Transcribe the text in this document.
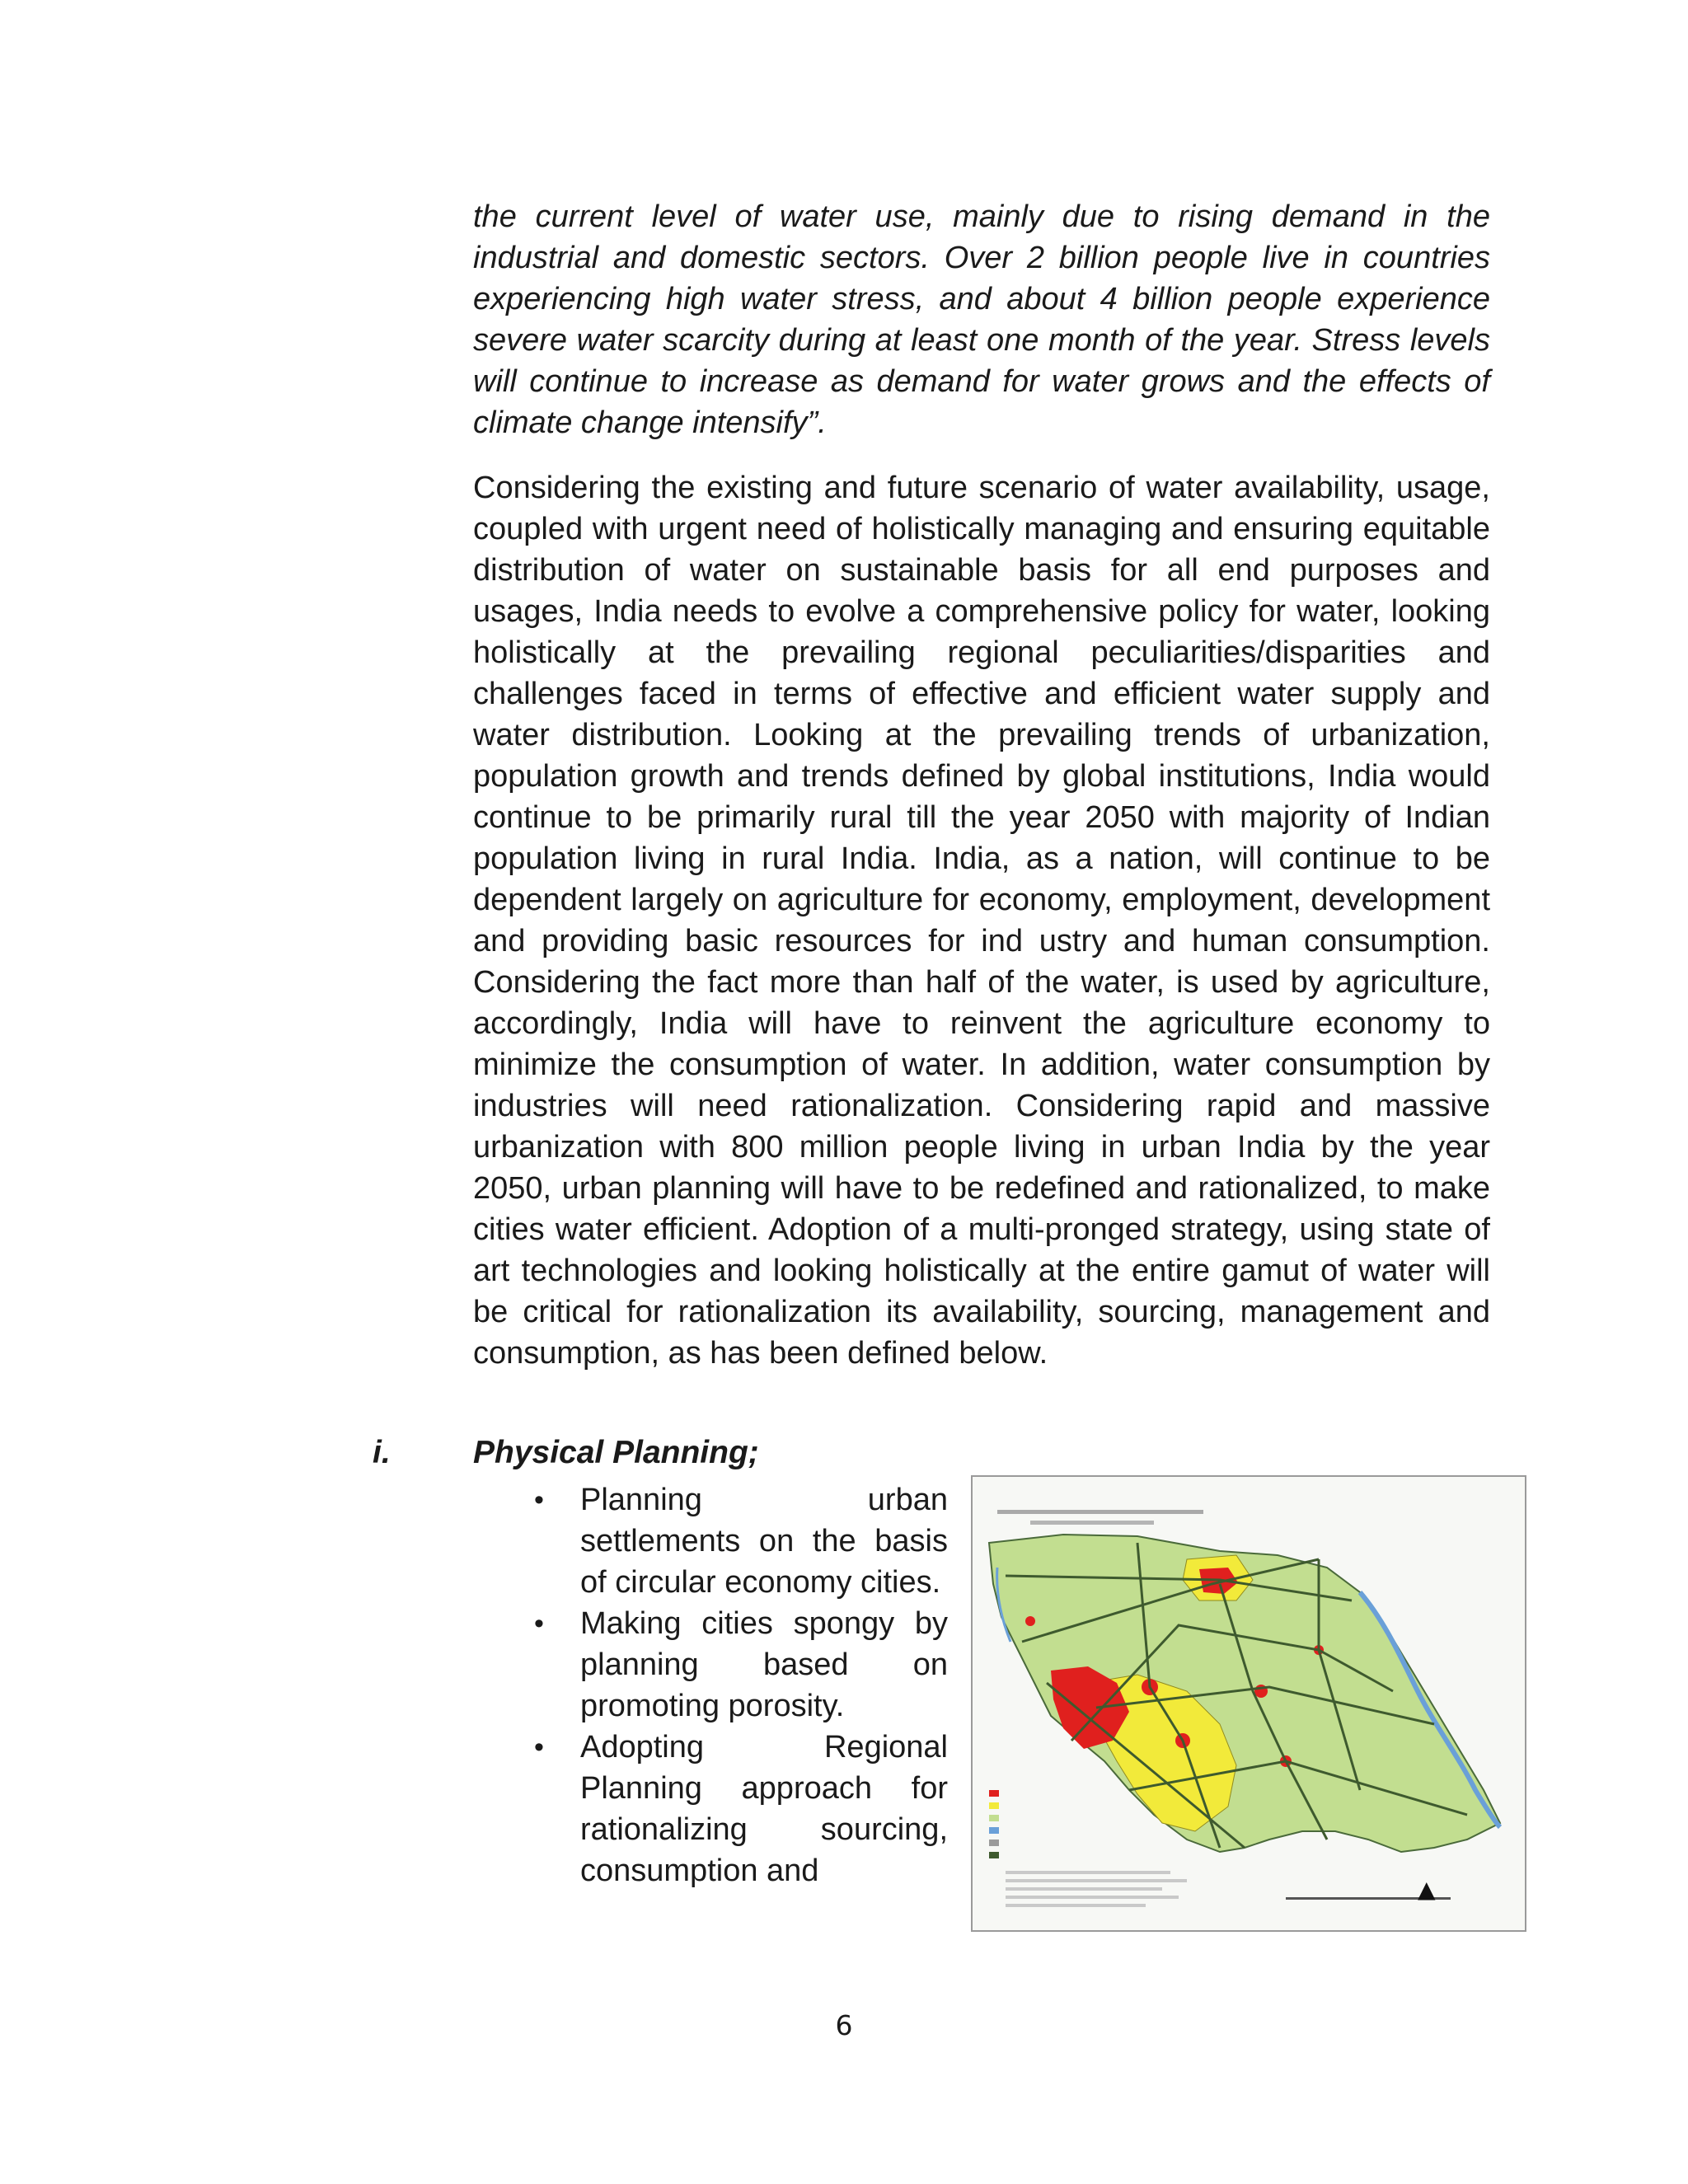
the current level of water use, mainly due to rising demand in the industrial and domestic sectors. Over 2 billion people live in countries experiencing high water stress, and about 4 billion people experience severe water scarcity during at least one month of the year. Stress levels will continue to increase as demand for water grows and the effects of climate change intensify”.

Considering the existing and future scenario of water availability, usage, coupled with urgent need of holistically managing and ensuring equitable distribution of water on sustainable basis for all end purposes and usages, India needs to evolve a comprehensive policy for water, looking holistically at the prevailing regional peculiarities/disparities and challenges faced in terms of effective and efficient water supply and water distribution. Looking at the prevailing trends of urbanization, population growth and trends defined by global institutions, India would continue to be primarily rural till the year 2050 with majority of Indian population living in rural India. India, as a nation, will continue to be dependent largely on agriculture for economy, employment, development and providing basic resources for ind ustry and human consumption. Considering the fact more than half of the water, is used by agriculture, accordingly, India will have to reinvent the agriculture economy to minimize the consumption of water. In addition, water consumption by industries will need rationalization. Considering rapid and massive urbanization with 800 million people living in urban India by the year 2050, urban planning will have to be redefined and rationalized, to make cities water efficient. Adoption of a multi-pronged strategy, using state of art technologies and looking holistically at the entire gamut of water will be critical for rationalization its availability, sourcing, management and consumption, as has been defined below.

i.	Physical Planning;

• Planning urban settlements on the basis of circular economy cities.
• Making cities spongy by planning based on promoting porosity.
• Adopting Regional Planning approach for rationalizing sourcing, consumption and
▲
6
